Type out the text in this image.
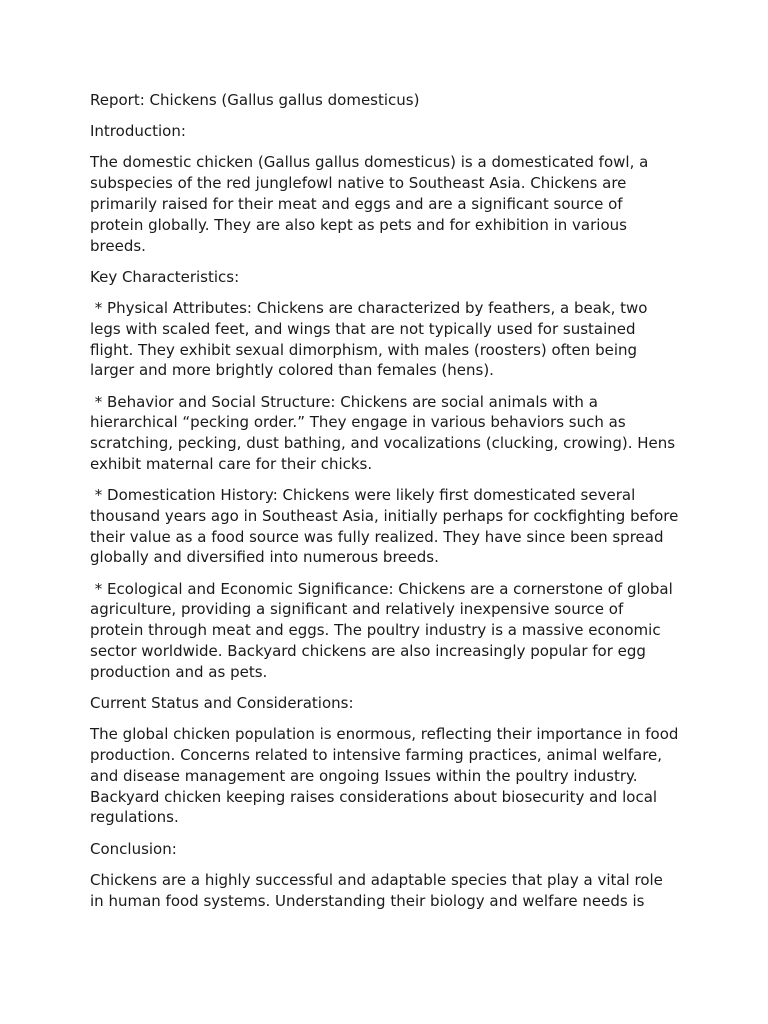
Report: Chickens (Gallus gallus domesticus)

Introduction:

The domestic chicken (Gallus gallus domesticus) is a domesticated fowl, a subspecies of the red junglefowl native to Southeast Asia. Chickens are primarily raised for their meat and eggs and are a significant source of protein globally. They are also kept as pets and for exhibition in various breeds.

Key Characteristics:

* Physical Attributes: Chickens are characterized by feathers, a beak, two legs with scaled feet, and wings that are not typically used for sustained flight. They exhibit sexual dimorphism, with males (roosters) often being larger and more brightly colored than females (hens).

* Behavior and Social Structure: Chickens are social animals with a hierarchical “pecking order.” They engage in various behaviors such as scratching, pecking, dust bathing, and vocalizations (clucking, crowing). Hens exhibit maternal care for their chicks.

* Domestication History: Chickens were likely first domesticated several thousand years ago in Southeast Asia, initially perhaps for cockfighting before their value as a food source was fully realized. They have since been spread globally and diversified into numerous breeds.

* Ecological and Economic Significance: Chickens are a cornerstone of global agriculture, providing a significant and relatively inexpensive source of protein through meat and eggs. The poultry industry is a massive economic sector worldwide. Backyard chickens are also increasingly popular for egg production and as pets.

Current Status and Considerations:

The global chicken population is enormous, reflecting their importance in food production. Concerns related to intensive farming practices, animal welfare, and disease management are ongoing Issues within the poultry industry. Backyard chicken keeping raises considerations about biosecurity and local regulations.

Conclusion:

Chickens are a highly successful and adaptable species that play a vital role in human food systems. Understanding their biology and welfare needs is
